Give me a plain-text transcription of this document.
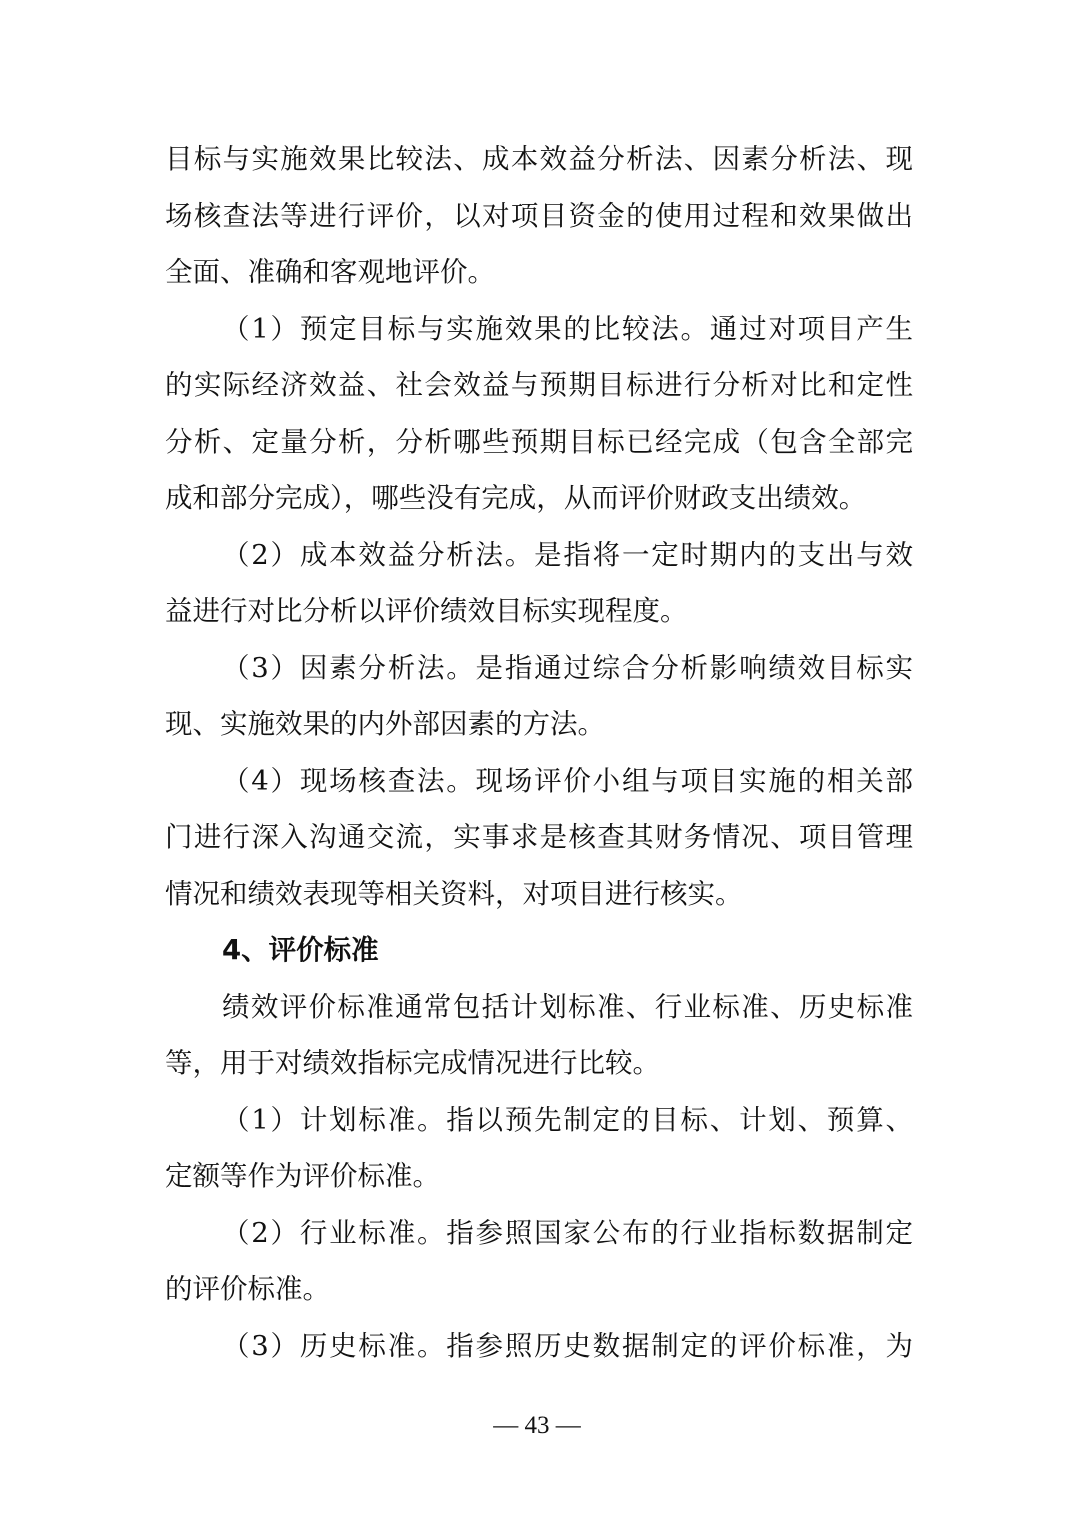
目标与实施效果比较法、成本效益分析法、因素分析法、现
场核查法等进行评价，以对项目资金的使用过程和效果做出
全面、准确和客观地评价。
（1）预定目标与实施效果的比较法。通过对项目产生
的实际经济效益、社会效益与预期目标进行分析对比和定性
分析、定量分析，分析哪些预期目标已经完成（包含全部完
成和部分完成），哪些没有完成，从而评价财政支出绩效。
（2）成本效益分析法。是指将一定时期内的支出与效
益进行对比分析以评价绩效目标实现程度。
（3）因素分析法。是指通过综合分析影响绩效目标实
现、实施效果的内外部因素的方法。
（4）现场核查法。现场评价小组与项目实施的相关部
门进行深入沟通交流，实事求是核查其财务情况、项目管理
情况和绩效表现等相关资料，对项目进行核实。
4、评价标准
绩效评价标准通常包括计划标准、行业标准、历史标准
等，用于对绩效指标完成情况进行比较。
（1）计划标准。指以预先制定的目标、计划、预算、
定额等作为评价标准。
（2）行业标准。指参照国家公布的行业指标数据制定
的评价标准。
（3）历史标准。指参照历史数据制定的评价标准，为
— 43 —
